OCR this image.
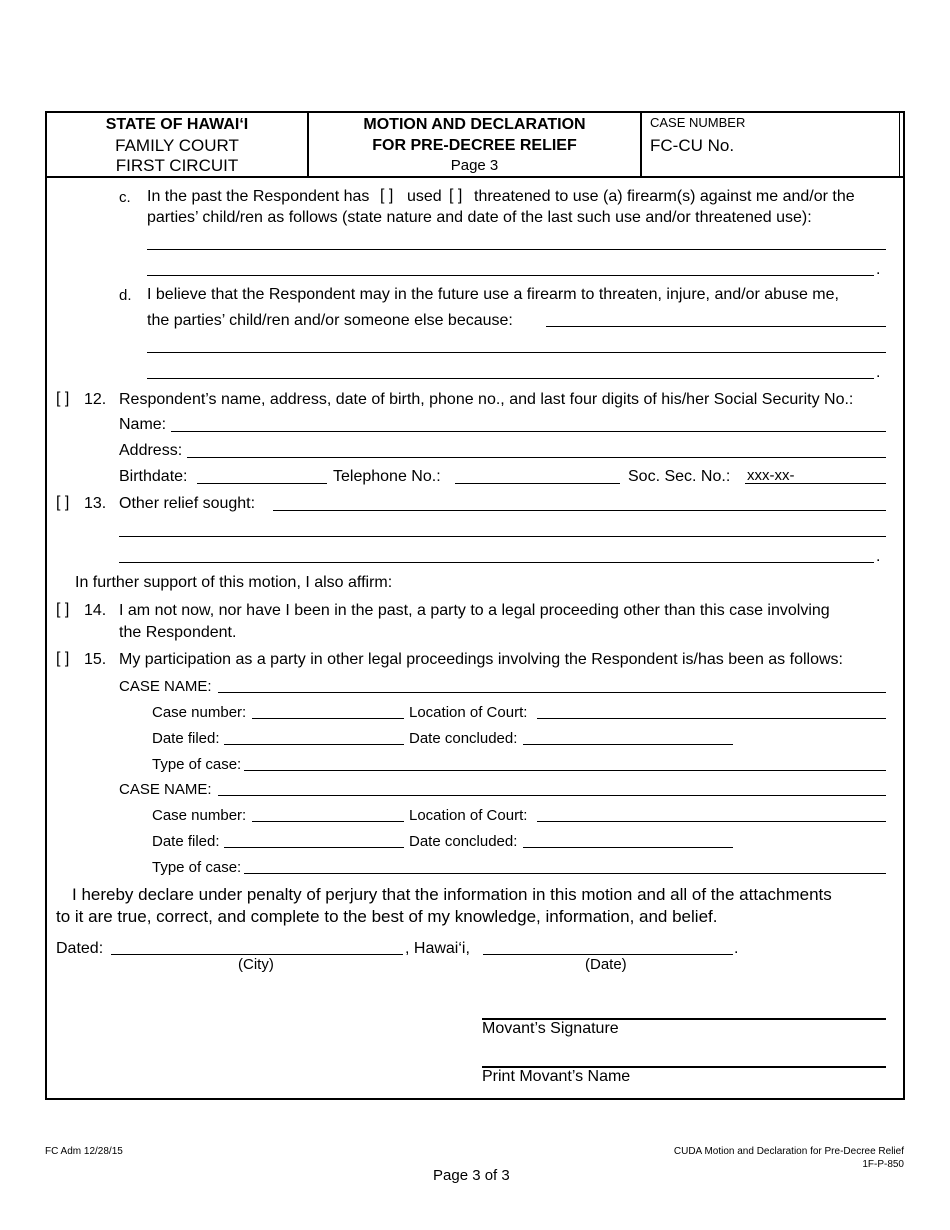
STATE OF HAWAI‘I
FAMILY COURT
FIRST CIRCUIT
MOTION AND DECLARATION
FOR PRE-DECREE RELIEF
Page 3
CASE NUMBER
FC-CU No.
c. In the past the Respondent has [ ] used [ ] threatened to use (a) firearm(s) against me and/or the
parties’ child/ren as follows (state nature and date of the last such use and/or threatened use):
.
d. I believe that the Respondent may in the future use a firearm to threaten, injure, and/or abuse me,
the parties’ child/ren and/or someone else because:
.
[ ] 12. Respondent’s name, address, date of birth, phone no., and last four digits of his/her Social Security No.:
Name:
Address:
Birthdate:	Telephone No.:	Soc. Sec. No.: xxx-xx-
[ ] 13. Other relief sought:
.
In further support of this motion, I also affirm:
[ ] 14. I am not now, nor have I been in the past, a party to a legal proceeding other than this case involving
the Respondent.
[ ] 15. My participation as a party in other legal proceedings involving the Respondent is/has been as follows:
CASE NAME:
Case number:	Location of Court:
Date filed:	Date concluded:
Type of case:
CASE NAME:
Case number:	Location of Court:
Date filed:	Date concluded:
Type of case:
I hereby declare under penalty of perjury that the information in this motion and all of the attachments
to it are true, correct, and complete to the best of my knowledge, information, and belief.
Dated:	, Hawai‘i,	.
(City)	(Date)
Movant’s Signature
Print Movant’s Name
FC Adm 12/28/15	CUDA Motion and Declaration for Pre-Decree Relief
1F-P-850
Page 3 of 3
